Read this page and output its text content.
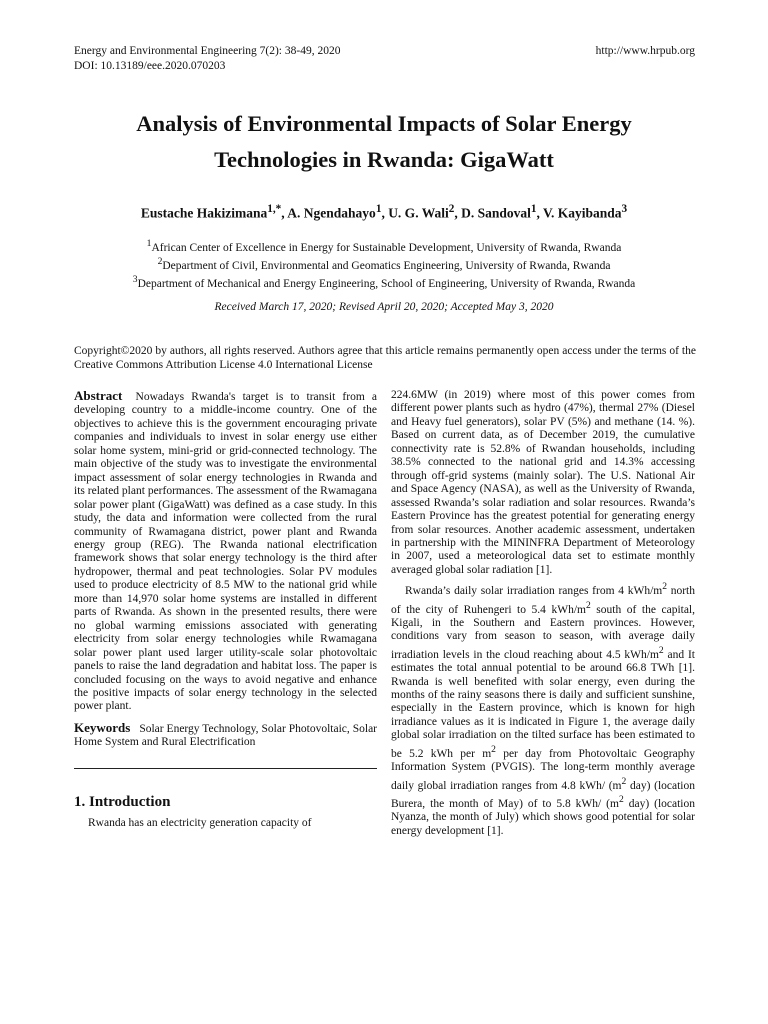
Energy and Environmental Engineering 7(2): 38-49, 2020
DOI: 10.13189/eee.2020.070203
http://www.hrpub.org
Analysis of Environmental Impacts of Solar Energy Technologies in Rwanda: GigaWatt
Eustache Hakizimana$^{1,*}$, A. Ngendahayo$^1$, U. G. Wali$^2$, D. Sandoval$^1$, V. Kayibanda$^3$
$^1$African Center of Excellence in Energy for Sustainable Development, University of Rwanda, Rwanda
$^2$Department of Civil, Environmental and Geomatics Engineering, University of Rwanda, Rwanda
$^3$Department of Mechanical and Energy Engineering, School of Engineering, University of Rwanda, Rwanda
Received March 17, 2020; Revised April 20, 2020; Accepted May 3, 2020
Copyright©2020 by authors, all rights reserved. Authors agree that this article remains permanently open access under the terms of the Creative Commons Attribution License 4.0 International License

Abstract Nowadays Rwanda's target is to transit from a developing country to a middle-income country. One of the objectives to achieve this is the government encouraging private companies and individuals to invest in solar energy use either solar home system, mini-grid or grid-connected technology. The main objective of the study was to investigate the environmental impact assessment of solar energy technologies in Rwanda and its related plant performances. The assessment of the Rwamagana solar power plant (GigaWatt) was defined as a case study. In this study, the data and information were collected from the rural community of Rwamagana district, power plant and Rwanda energy group (REG). The Rwanda national electrification framework shows that solar energy technology is the third after hydropower, thermal and peat technologies. Solar PV modules used to produce electricity of 8.5 MW to the national grid while more than 14,970 solar home systems are installed in different parts of Rwanda. As shown in the presented results, there were no global warming emissions associated with generating electricity from solar energy technologies while Rwamagana solar power plant used larger utility-scale solar photovoltaic panels to raise the land degradation and habitat loss. The paper is concluded focusing on the ways to avoid negative and enhance the positive impacts of solar energy technology in the selected power plant.

Keywords Solar Energy Technology, Solar Photovoltaic, Solar Home System and Rural Electrification

1. Introduction

Rwanda has an electricity generation capacity of

224.6MW (in 2019) where most of this power comes from different power plants such as hydro (47%), thermal 27% (Diesel and Heavy fuel generators), solar PV (5%) and methane (14. %). Based on current data, as of December 2019, the cumulative connectivity rate is 52.8% of Rwandan households, including 38.5% connected to the national grid and 14.3% accessing through off-grid systems (mainly solar). The U.S. National Air and Space Agency (NASA), as well as the University of Rwanda, assessed Rwanda’s solar radiation and solar resources. Rwanda’s Eastern Province has the greatest potential for generating energy from solar resources. Another academic assessment, undertaken in partnership with the MININFRA Department of Meteorology in 2007, used a meteorological data set to estimate monthly averaged global solar radiation [1].

Rwanda’s daily solar irradiation ranges from 4 kWh/$m^2$ north of the city of Ruhengeri to 5.4 kWh/$m^2$ south of the capital, Kigali, in the Southern and Eastern provinces. However, conditions vary from season to season, with average daily irradiation levels in the cloud reaching about 4.5 kWh/$m^2$ and It estimates the total annual potential to be around 66.8 TWh [1]. Rwanda is well benefited with solar energy, even during the months of the rainy seasons there is daily and sufficient sunshine, especially in the Eastern province, which is known for high irradiance values as it is indicated in Figure 1, the average daily global solar irradiation on the tilted surface has been estimated to be 5.2 kWh per $m^2$ per day from Photovoltaic Geography Information System (PVGIS). The long-term monthly average daily global irradiation ranges from 4.8 kWh/ ($m^2$ day) (location Burera, the month of May) of to 5.8 kWh/ ($m^2$ day) (location Nyanza, the month of July) which shows good potential for solar energy development [1].
